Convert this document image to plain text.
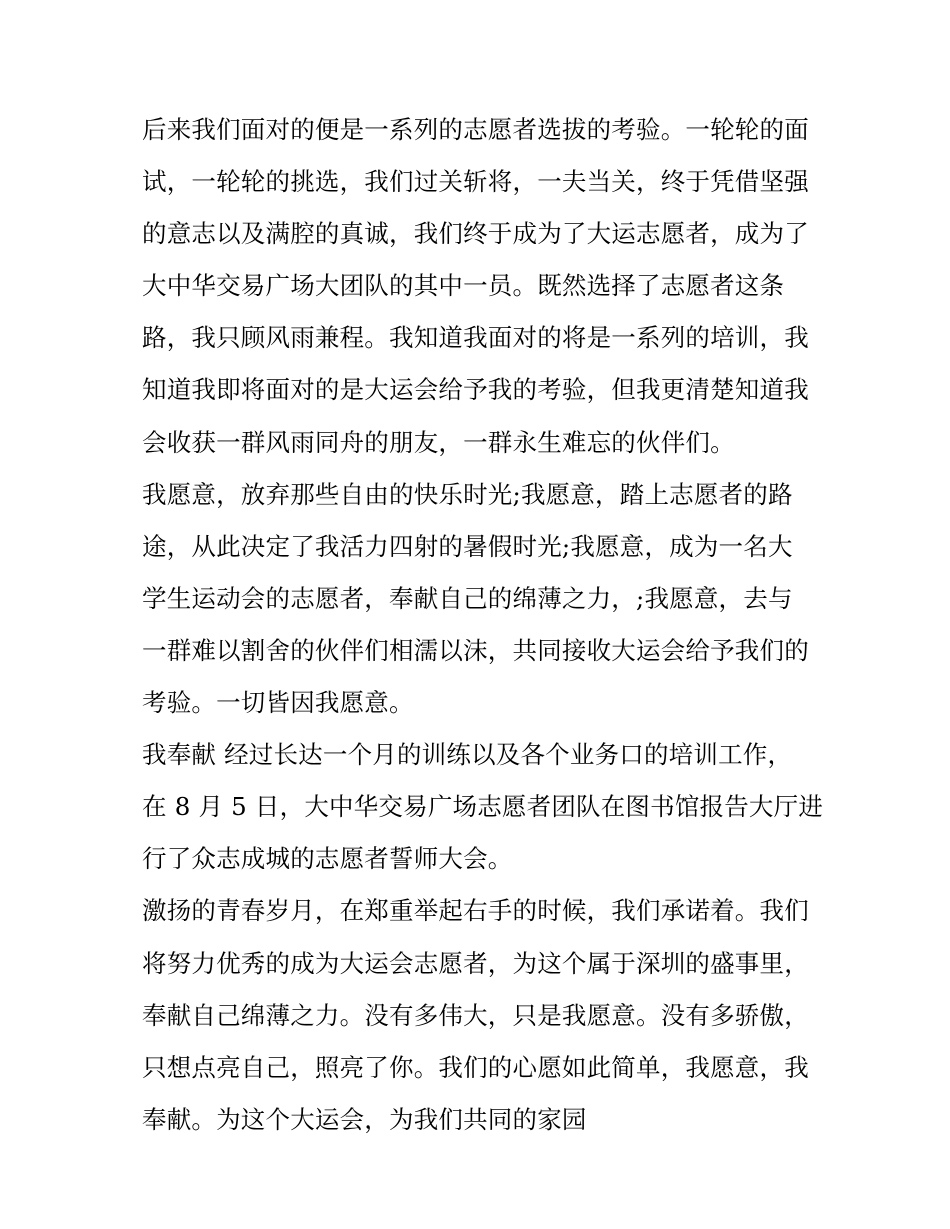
后来我们面对的便是一系列的志愿者选拔的考验。一轮轮的面
试，一轮轮的挑选，我们过关斩将，一夫当关，终于凭借坚强
的意志以及满腔的真诚，我们终于成为了大运志愿者，成为了
大中华交易广场大团队的其中一员。既然选择了志愿者这条
路，我只顾风雨兼程。我知道我面对的将是一系列的培训，我
知道我即将面对的是大运会给予我的考验，但我更清楚知道我
会收获一群风雨同舟的朋友，一群永生难忘的伙伴们。
我愿意，放弃那些自由的快乐时光;我愿意，踏上志愿者的路
途，从此决定了我活力四射的暑假时光;我愿意，成为一名大
学生运动会的志愿者，奉献自己的绵薄之力，;我愿意，去与
一群难以割舍的伙伴们相濡以沫，共同接收大运会给予我们的
考验。一切皆因我愿意。
我奉献 经过长达一个月的训练以及各个业务口的培训工作，
在 8 月 5 日，大中华交易广场志愿者团队在图书馆报告大厅进
行了众志成城的志愿者誓师大会。
激扬的青春岁月，在郑重举起右手的时候，我们承诺着。我们
将努力优秀的成为大运会志愿者，为这个属于深圳的盛事里，
奉献自己绵薄之力。没有多伟大，只是我愿意。没有多骄傲，
只想点亮自己，照亮了你。我们的心愿如此简单，我愿意，我
奉献。为这个大运会，为我们共同的家园
